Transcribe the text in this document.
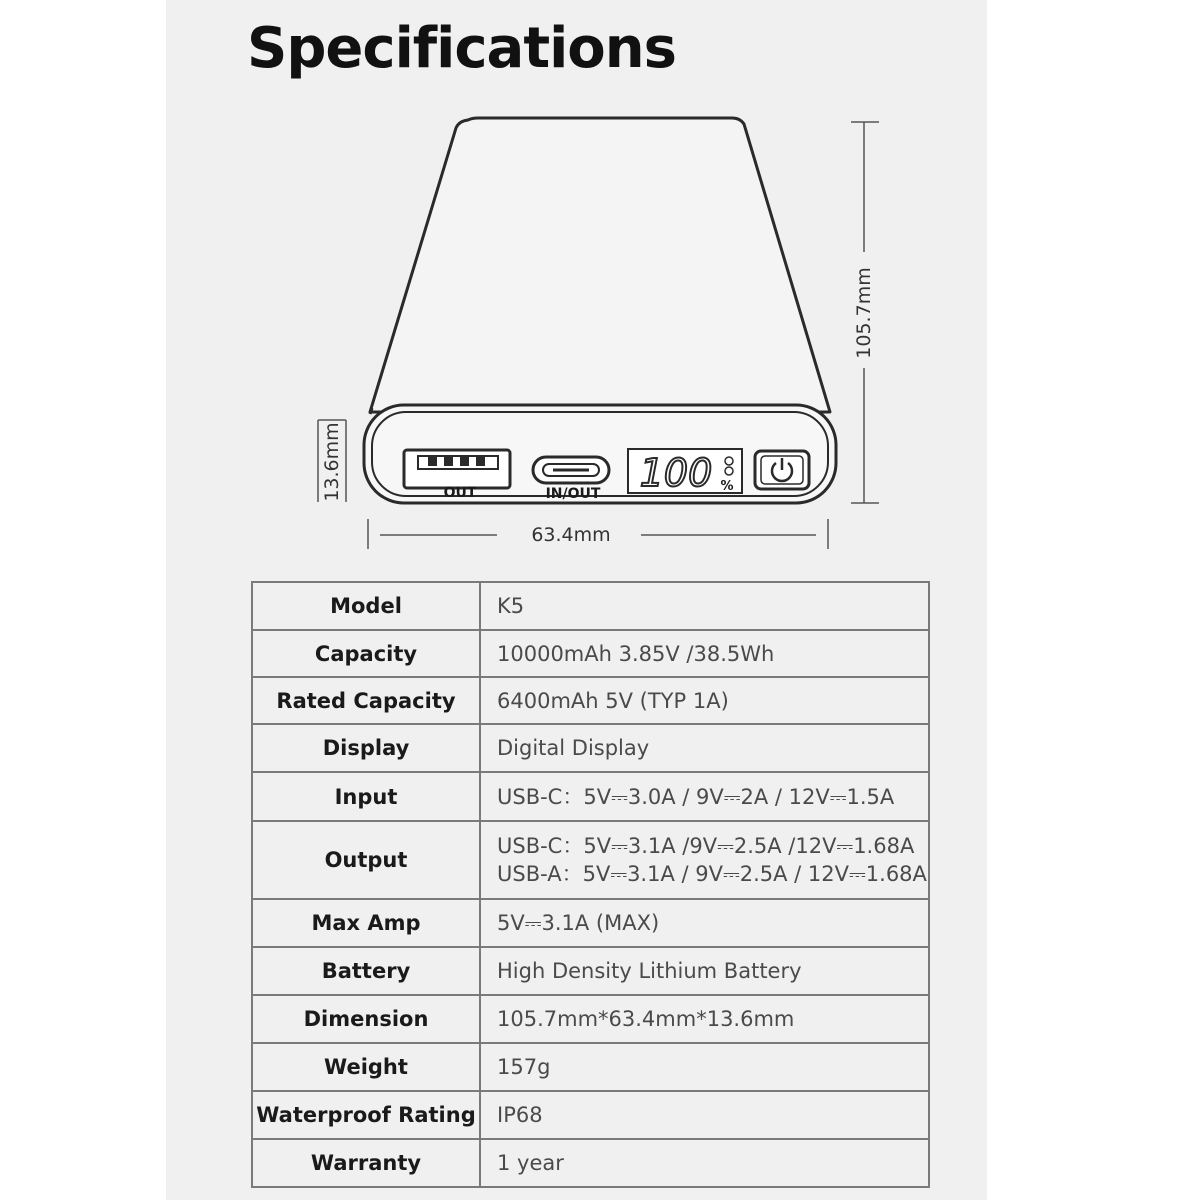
Specifications
OUT	IN/OUT 100 %
105.7mm
13.6mm
63.4mm
Model	K5

Capacity	10000mAh 3.85V /38.5Wh

Rated Capacity	6400mAh 5V (TYP 1A)

Display	Digital Display

Input	USB-C：5V⎓3.0A / 9V⎓2A / 12V⎓1.5A

Output	USB-C：5V⎓3.1A /9V⎓2.5A /12V⎓1.68A
USB-A：5V⎓3.1A / 9V⎓2.5A / 12V⎓1.68A

Max Amp	5V⎓3.1A (MAX)

Battery	High Density Lithium Battery

Dimension	105.7mm*63.4mm*13.6mm

Weight	157g

Waterproof Rating	IP68

Warranty	1 year
